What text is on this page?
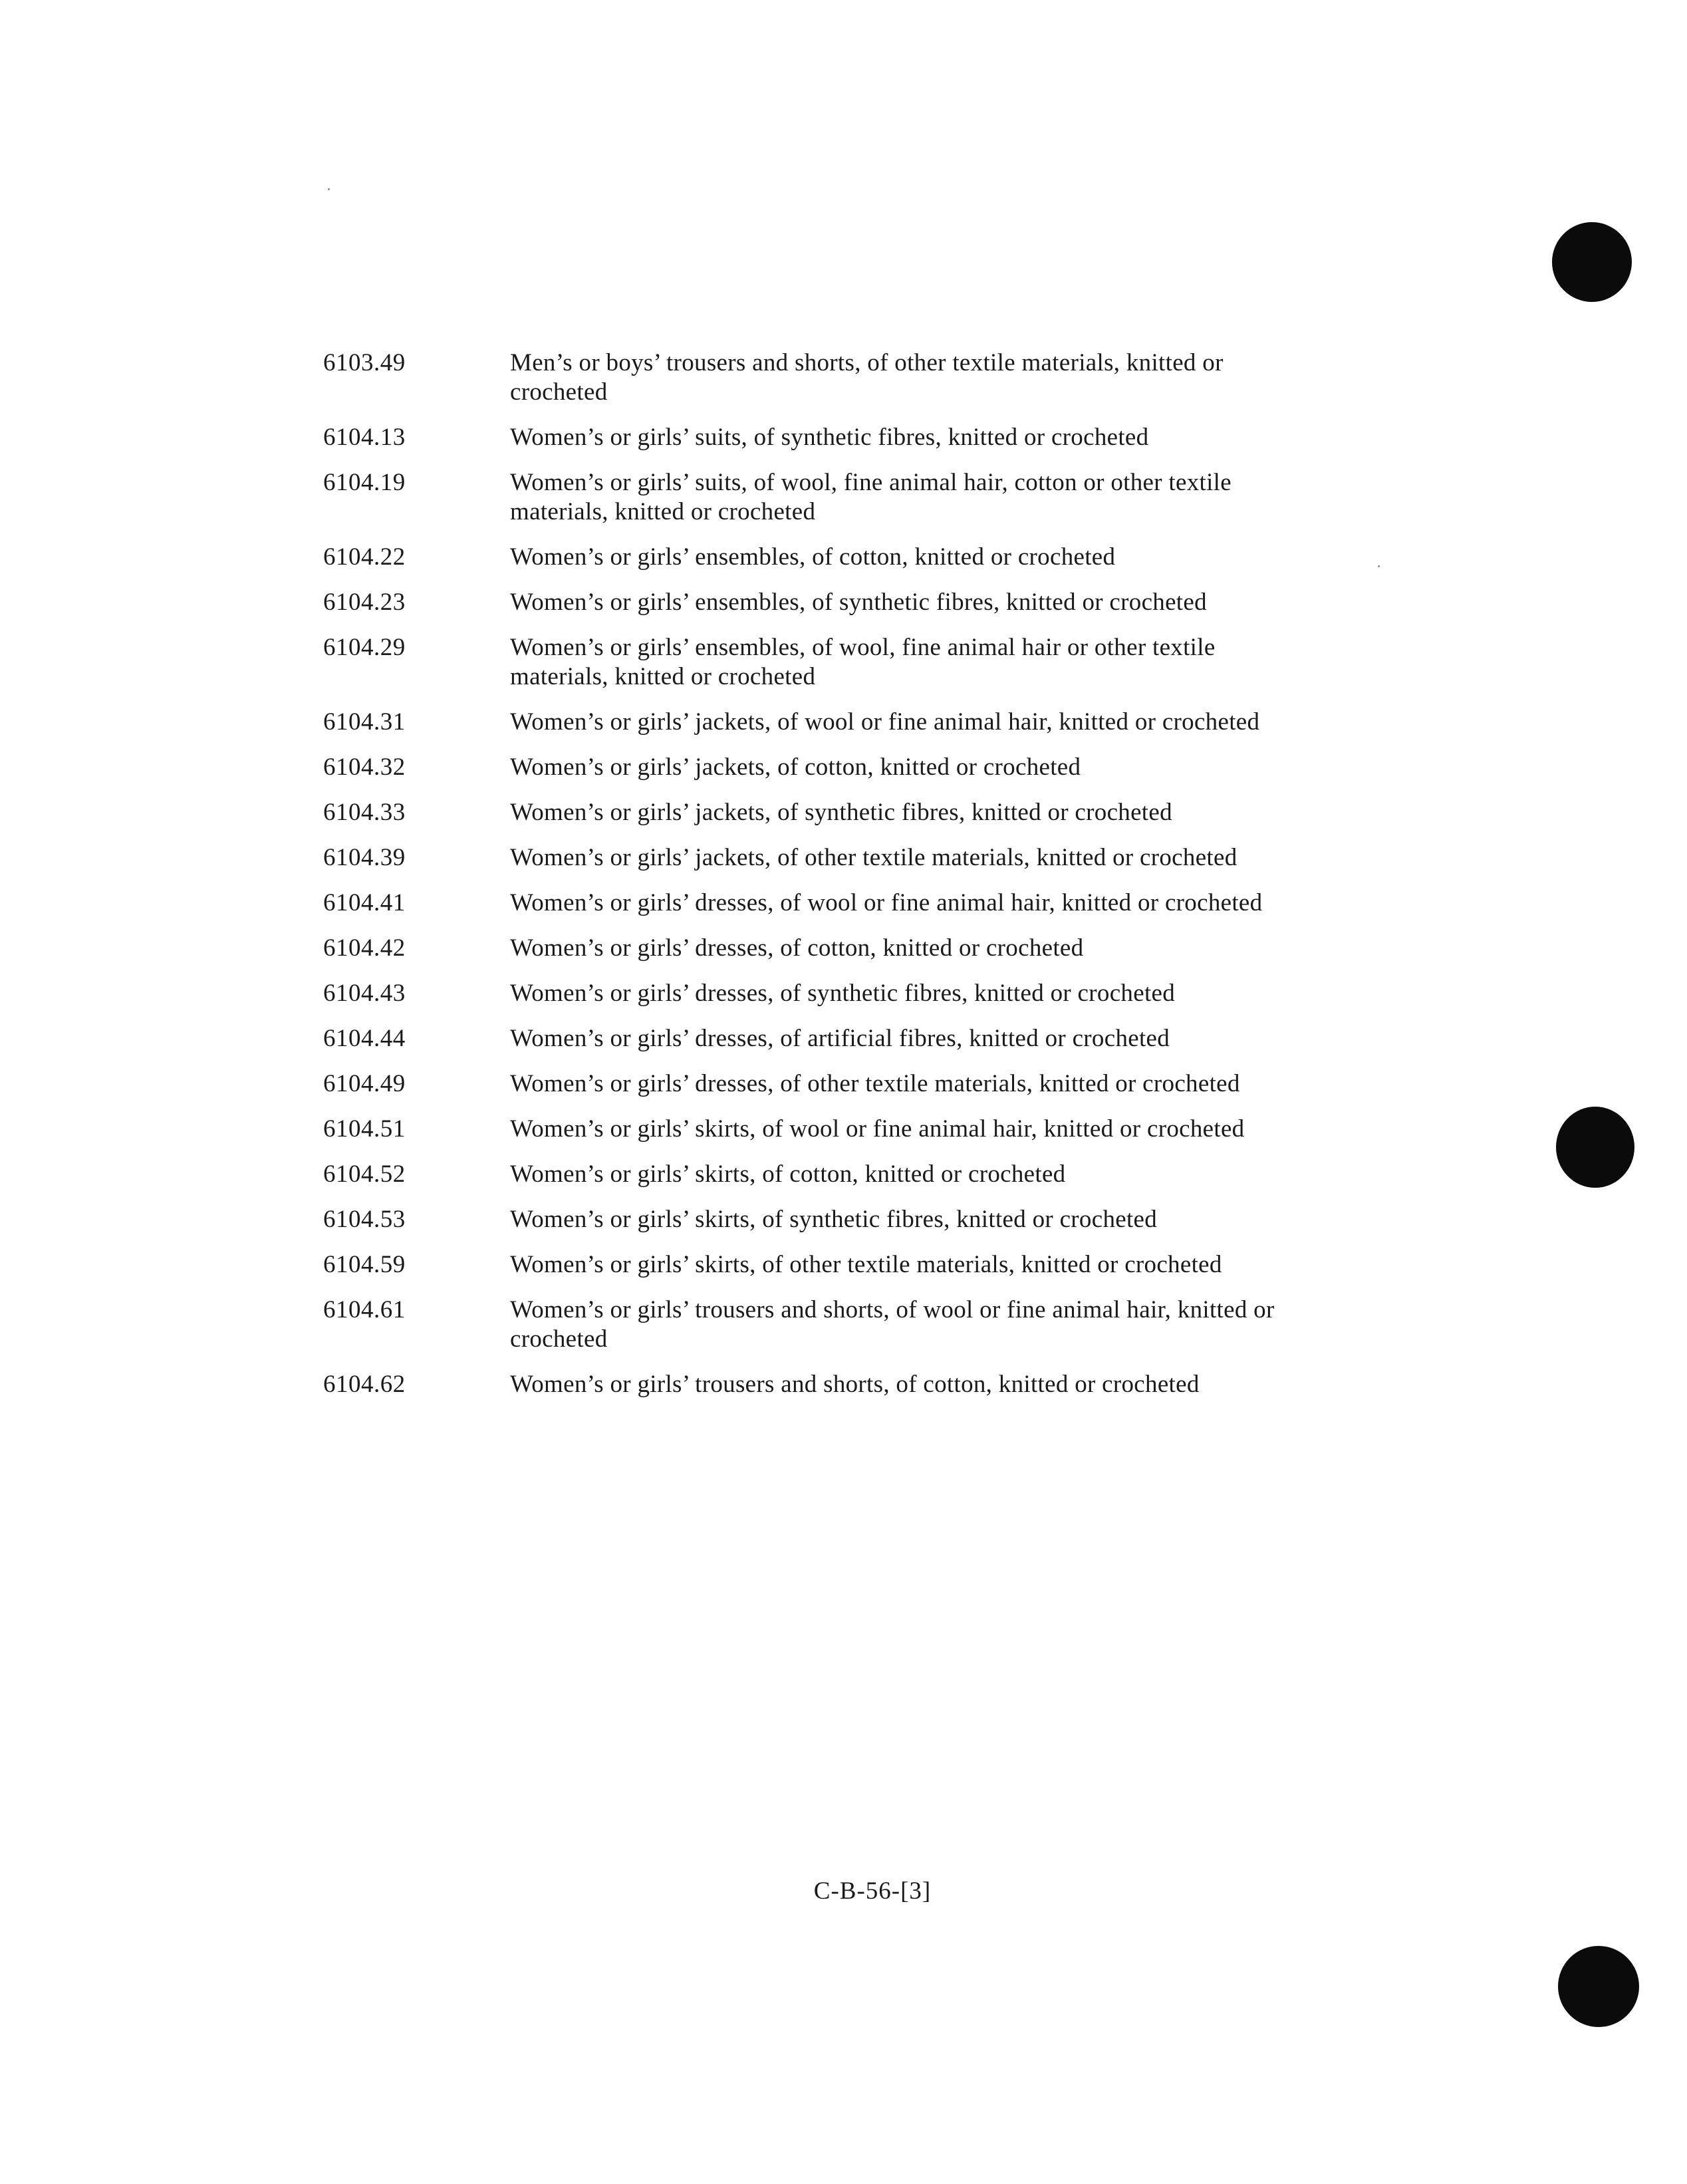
6103.49	Men’s or boys’ trousers and shorts, of other textile materials, knitted or
crocheted
6104.13	Women’s or girls’ suits, of synthetic fibres, knitted or crocheted
6104.19	Women’s or girls’ suits, of wool, fine animal hair, cotton or other textile
materials, knitted or crocheted
6104.22	Women’s or girls’ ensembles, of cotton, knitted or crocheted
6104.23	Women’s or girls’ ensembles, of synthetic fibres, knitted or crocheted
6104.29	Women’s or girls’ ensembles, of wool, fine animal hair or other textile
materials, knitted or crocheted
6104.31	Women’s or girls’ jackets, of wool or fine animal hair, knitted or crocheted
6104.32	Women’s or girls’ jackets, of cotton, knitted or crocheted
6104.33	Women’s or girls’ jackets, of synthetic fibres, knitted or crocheted
6104.39	Women’s or girls’ jackets, of other textile materials, knitted or crocheted
6104.41	Women’s or girls’ dresses, of wool or fine animal hair, knitted or crocheted
6104.42	Women’s or girls’ dresses, of cotton, knitted or crocheted
6104.43	Women’s or girls’ dresses, of synthetic fibres, knitted or crocheted
6104.44	Women’s or girls’ dresses, of artificial fibres, knitted or crocheted
6104.49	Women’s or girls’ dresses, of other textile materials, knitted or crocheted
6104.51	Women’s or girls’ skirts, of wool or fine animal hair, knitted or crocheted
6104.52	Women’s or girls’ skirts, of cotton, knitted or crocheted
6104.53	Women’s or girls’ skirts, of synthetic fibres, knitted or crocheted
6104.59	Women’s or girls’ skirts, of other textile materials, knitted or crocheted
6104.61	Women’s or girls’ trousers and shorts, of wool or fine animal hair, knitted or
crocheted
6104.62	Women’s or girls’ trousers and shorts, of cotton, knitted or crocheted
C-B-56-[3]
